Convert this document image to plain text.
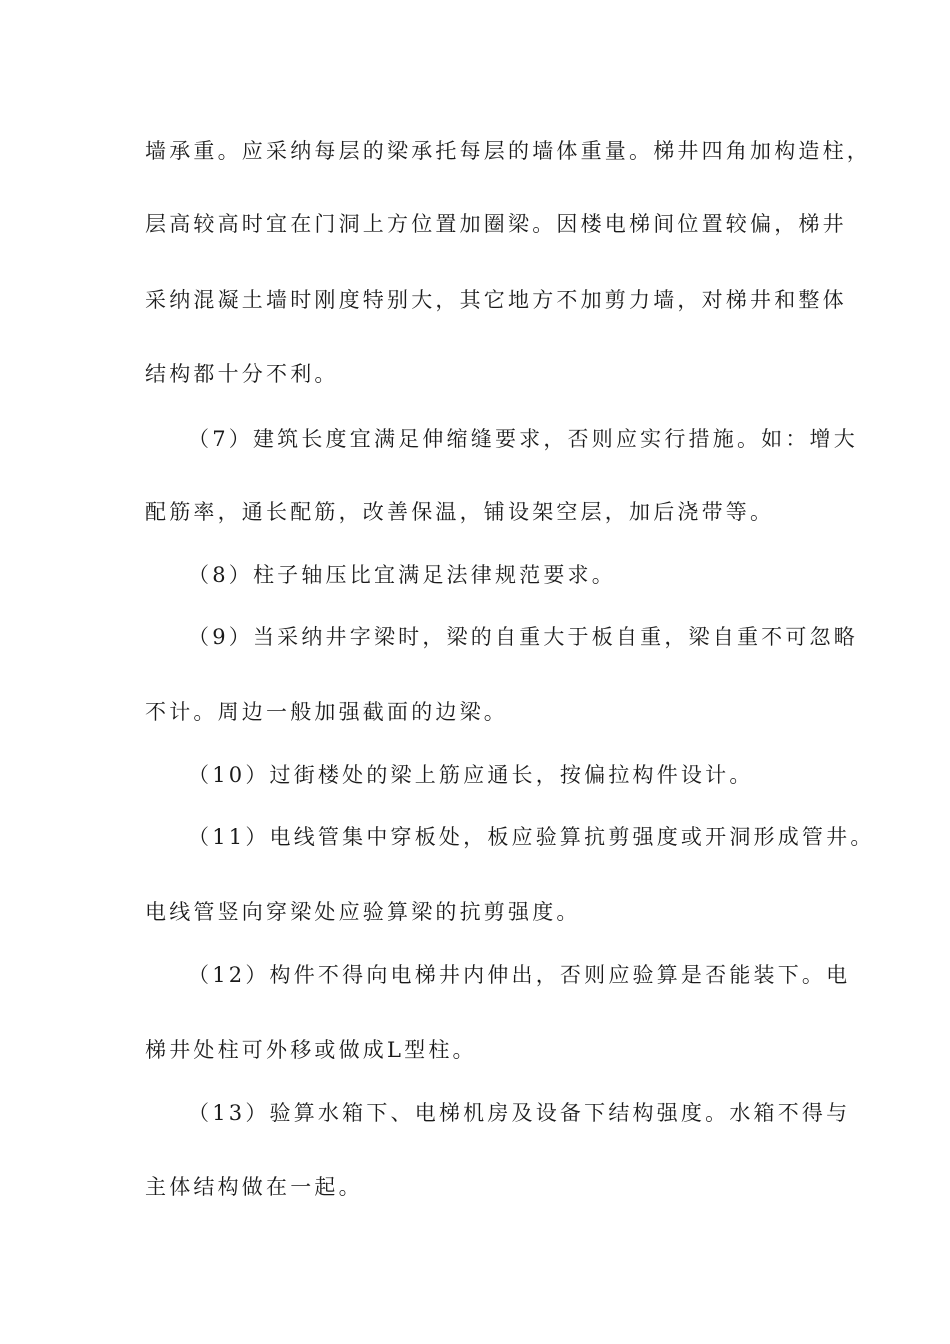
墙承重。应采纳每层的梁承托每层的墙体重量。梯井四角加构造柱，
层高较高时宜在门洞上方位置加圈梁。因楼电梯间位置较偏，梯井
采纳混凝土墙时刚度特别大，其它地方不加剪力墙，对梯井和整体
结构都十分不利。
（7）建筑长度宜满足伸缩缝要求，否则应实行措施。如：增大
配筋率，通长配筋，改善保温，铺设架空层，加后浇带等。
（8）柱子轴压比宜满足法律规范要求。
（9）当采纳井字梁时，梁的自重大于板自重，梁自重不可忽略
不计。周边一般加强截面的边梁。
（10）过街楼处的梁上筋应通长，按偏拉构件设计。
（11）电线管集中穿板处，板应验算抗剪强度或开洞形成管井。
电线管竖向穿梁处应验算梁的抗剪强度。
（12）构件不得向电梯井内伸出，否则应验算是否能装下。电
梯井处柱可外移或做成L型柱。
（13）验算水箱下、电梯机房及设备下结构强度。水箱不得与
主体结构做在一起。
